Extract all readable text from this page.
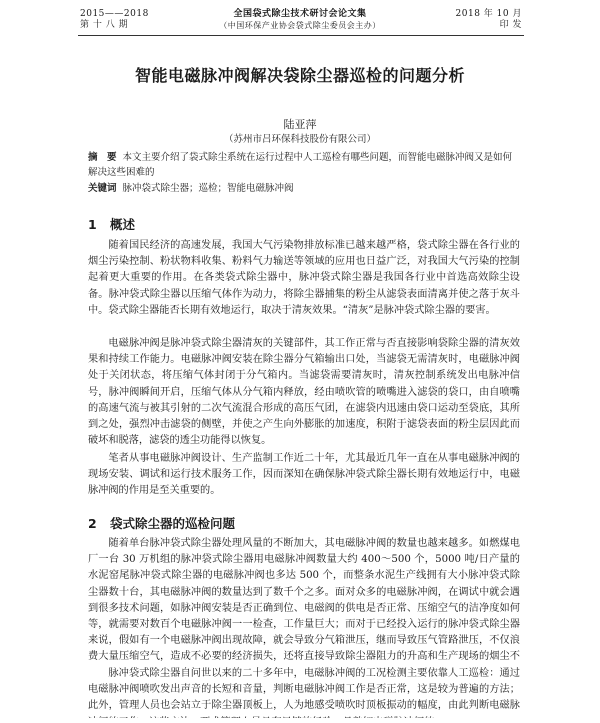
2015——2018
第 十 八 期
全国袋式除尘技术研讨会论文集
（中国环保产业协会袋式除尘委员会主办）
2018 年 10 月
印 发
智能电磁脉冲阀解决袋除尘器巡检的问题分析
陆亚萍
（苏州市吕环保科技股份有限公司）
摘　要 本文主要介绍了袋式除尘系统在运行过程中人工巡检有哪些问题，而智能电磁脉冲阀又是如何解决这些困难的
关键词 脉冲袋式除尘器；巡检；智能电磁脉冲阀
1 概述

随着国民经济的高速发展，我国大气污染物排放标准已越来越严格，袋式除尘器在各行业的烟尘污染控制、粉状物料收集、粉料气力输送等领域的应用也日益广泛，对我国大气污染的控制起着更大重要的作用。在各类袋式除尘器中，脉冲袋式除尘器是我国各行业中首选高效除尘设备。脉冲袋式除尘器以压缩气体作为动力，将除尘器捕集的粉尘从滤袋表面清离并使之落于灰斗中。袋式除尘器能否长期有效地运行，取决于清灰效果。“清灰”是脉冲袋式除尘器的要害。

电磁脉冲阀是脉冲袋式除尘器清灰的关键部件，其工作正常与否直接影响袋除尘器的清灰效果和持续工作能力。电磁脉冲阀安装在除尘器分气箱输出口处，当滤袋无需清灰时，电磁脉冲阀处于关闭状态，将压缩气体封闭于分气箱内。当滤袋需要清灰时，清灰控制系统发出电脉冲信号，脉冲阀瞬间开启，压缩气体从分气箱内释放，经由喷吹管的喷嘴进入滤袋的袋口，由自喷嘴的高速气流与被其引射的二次气流混合形成的高压气团，在滤袋内迅速由袋口运动至袋底，其所到之处，强烈冲击滤袋的侧壁，并使之产生向外膨胀的加速度，积附于滤袋表面的粉尘层因此而破坏和脱落，滤袋的透尘功能得以恢复。

笔者从事电磁脉冲阀设计、生产监制工作近二十年，尤其最近几年一直在从事电磁脉冲阀的现场安装、调试和运行技术服务工作，因而深知在确保脉冲袋式除尘器长期有效地运行中，电磁脉冲阀的作用是至关重要的。

2 袋式除尘器的巡检问题

随着单台脉冲袋式除尘器处理风量的不断加大，其电磁脉冲阀的数量也越来越多。如燃煤电厂一台 30 万机组的脉冲袋式除尘器用电磁脉冲阀数量大约 400～500 个，5000 吨/日产量的水泥窑尾脉冲袋式除尘器的电磁脉冲阀也多达 500 个，而整条水泥生产线拥有大小脉冲袋式除尘器数十台，其电磁脉冲阀的数量达到了数千个之多。面对众多的电磁脉冲阀，在调试中就会遇到很多技术问题，如脉冲阀安装是否正确到位、电磁阀的供电是否正常、压缩空气的洁净度如何等，就需要对数百个电磁脉冲阀一一检查，工作量巨大；而对于已经投入运行的脉冲袋式除尘器来说，假如有一个电磁脉冲阀出现故障，就会导致分气箱泄压，继而导致压气管路泄压，不仅浪费大量压缩空气，造成不必要的经济损失，还将直接导致除尘器阻力的升高和生产现场的烟尘不

脉冲袋式除尘器自问世以来的二十多年中，电磁脉冲阀的工况检测主要依靠人工巡检：通过电磁脉冲阀喷吹发出声音的长短和音量，判断电磁脉冲阀工作是否正常，这是较为普遍的方法；此外，管理人员也会站立于除尘器顶板上，人为地感受喷吹时顶板振动的幅度，由此判断电磁脉
